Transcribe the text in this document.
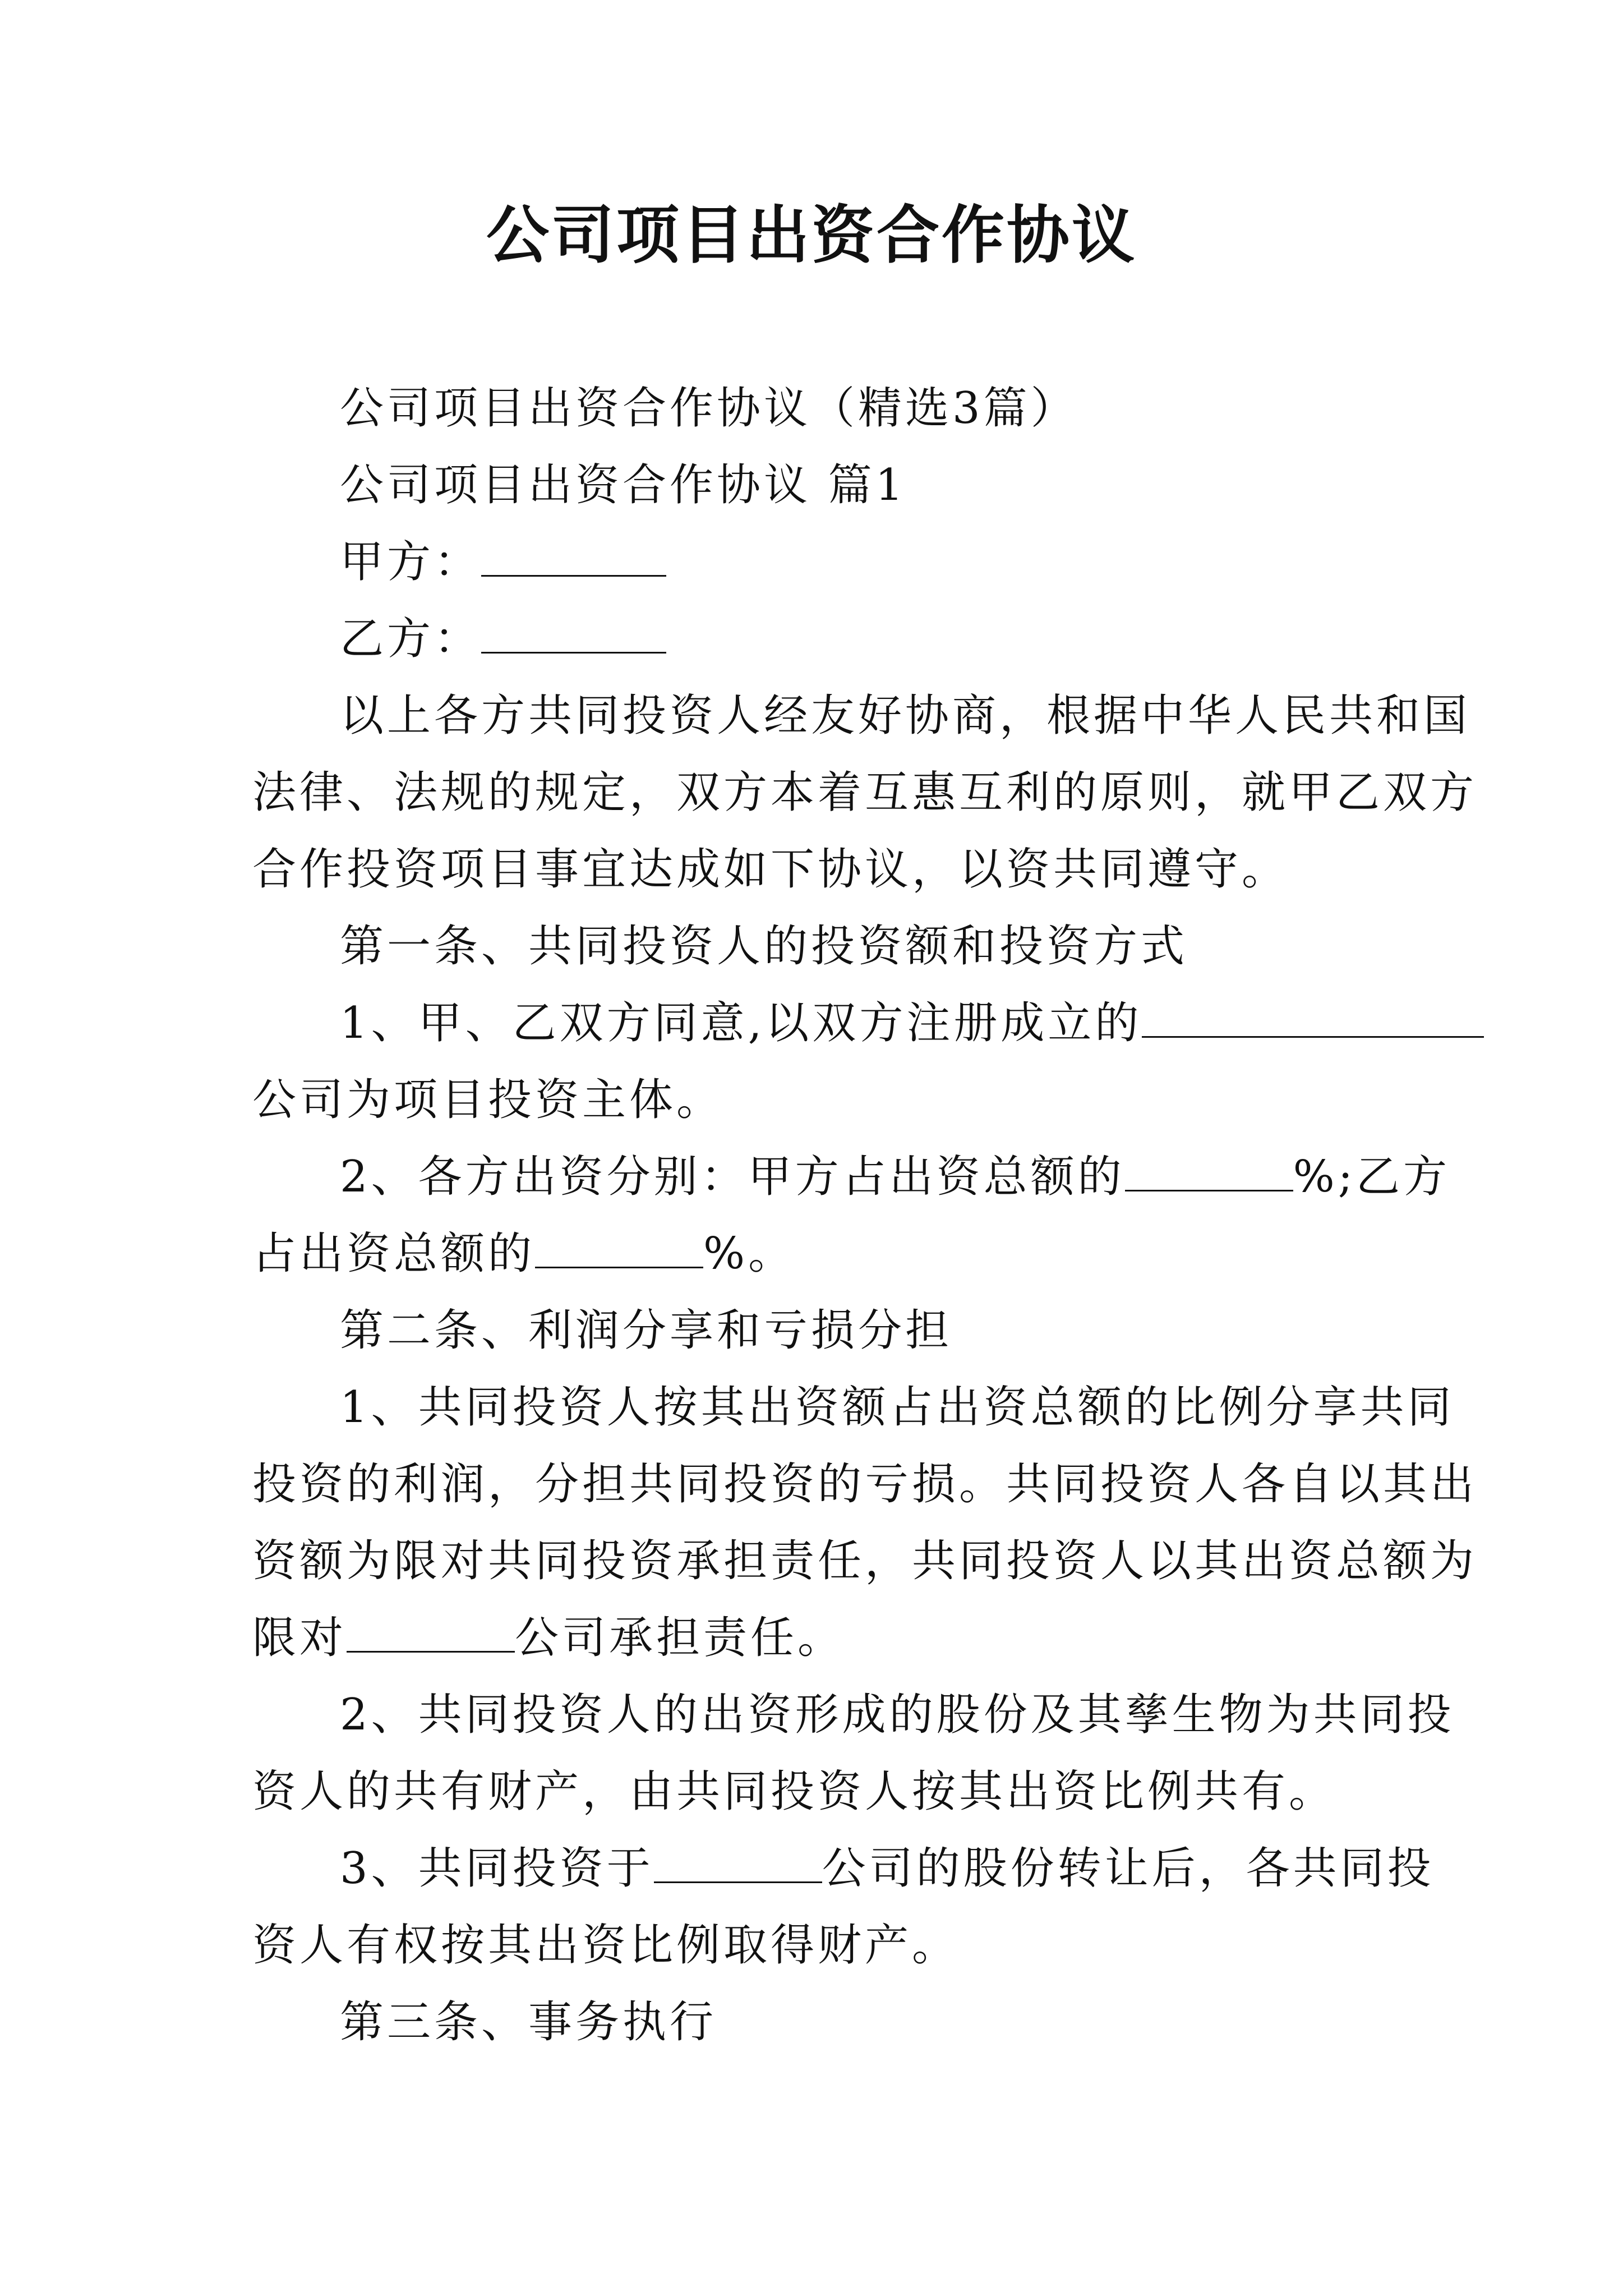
公司项目出资合作协议
公司项目出资合作协议（精选3篇）
公司项目出资合作协议 篇1
甲方：
乙方：
以上各方共同投资人经友好协商，根据中华人民共和国
法律、法规的规定，双方本着互惠互利的原则，就甲乙双方
合作投资项目事宜达成如下协议，以资共同遵守。
第一条、共同投资人的投资额和投资方式
1、甲、乙双方同意,以双方注册成立的
公司为项目投资主体。
2、各方出资分别：甲方占出资总额的	%;乙方
占出资总额的	%。
第二条、利润分享和亏损分担
1、共同投资人按其出资额占出资总额的比例分享共同
投资的利润，分担共同投资的亏损。共同投资人各自以其出
资额为限对共同投资承担责任，共同投资人以其出资总额为
限对	公司承担责任。
2、共同投资人的出资形成的股份及其孳生物为共同投
资人的共有财产，由共同投资人按其出资比例共有。
3、共同投资于	公司的股份转让后，各共同投
资人有权按其出资比例取得财产。
第三条、事务执行
